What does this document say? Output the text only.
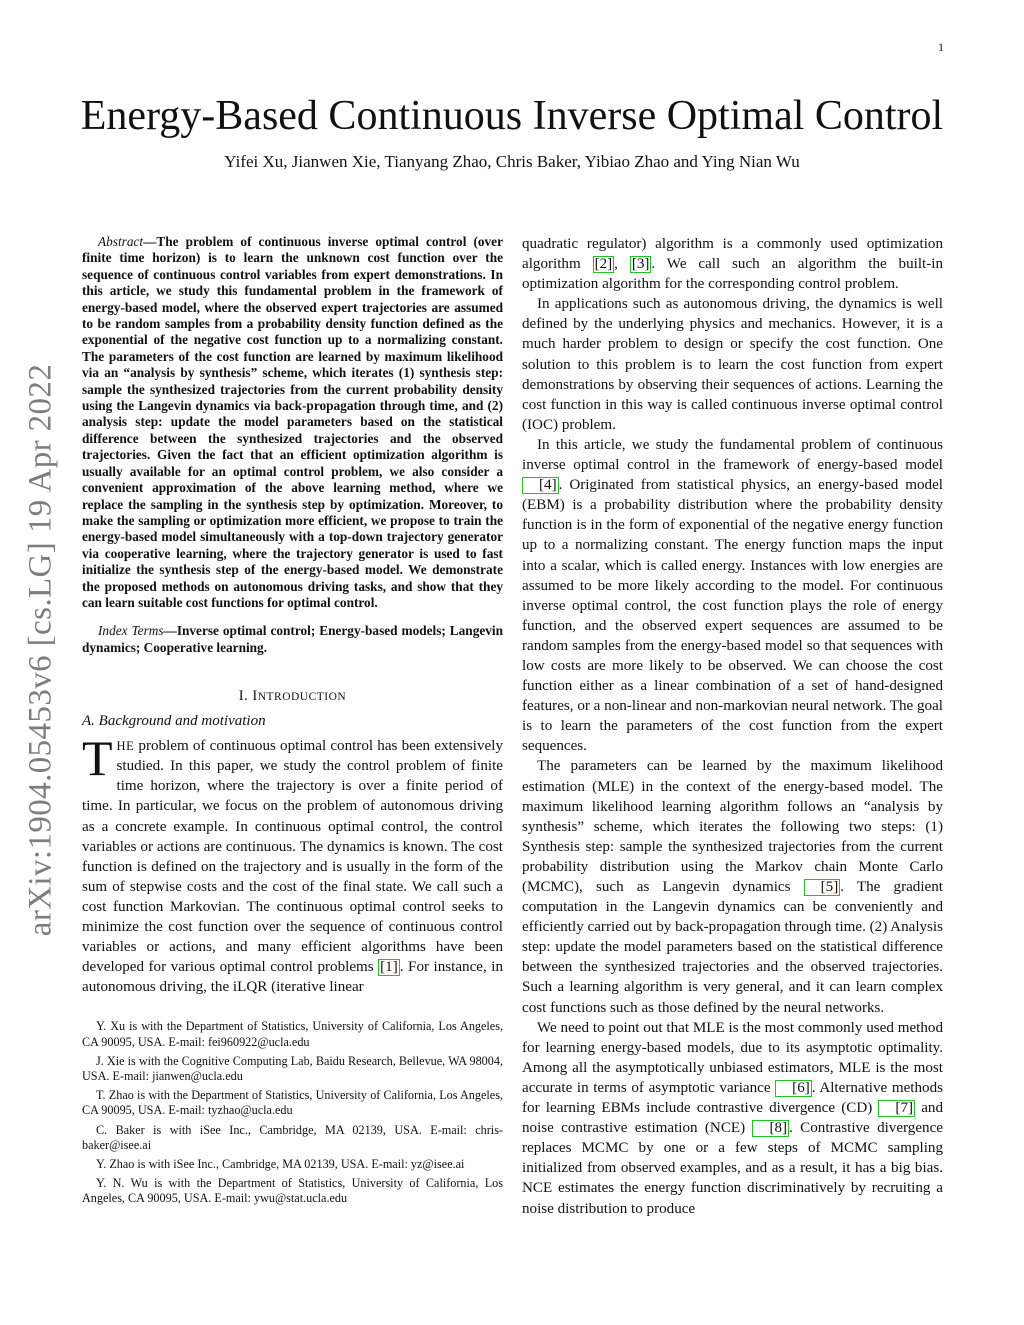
1
arXiv:1904.05453v6 [cs.LG] 19 Apr 2022
Energy-Based Continuous Inverse Optimal Control
Yifei Xu, Jianwen Xie, Tianyang Zhao, Chris Baker, Yibiao Zhao and Ying Nian Wu

Abstract—The problem of continuous inverse optimal control (over finite time horizon) is to learn the unknown cost function over the sequence of continuous control variables from expert demonstrations. In this article, we study this fundamental problem in the framework of energy-based model, where the observed expert trajectories are assumed to be random samples from a probability density function defined as the exponential of the negative cost function up to a normalizing constant. The parameters of the cost function are learned by maximum likelihood via an “analysis by synthesis” scheme, which iterates (1) synthesis step: sample the synthesized trajectories from the current probability density using the Langevin dynamics via back-propagation through time, and (2) analysis step: update the model parameters based on the statistical difference between the synthesized trajectories and the observed trajectories. Given the fact that an efficient optimization algorithm is usually available for an optimal control problem, we also consider a convenient approximation of the above learning method, where we replace the sampling in the synthesis step by optimization. Moreover, to make the sampling or optimization more efficient, we propose to train the energy-based model simultaneously with a top-down trajectory generator via cooperative learning, where the trajectory generator is used to fast initialize the synthesis step of the energy-based model. We demonstrate the proposed methods on autonomous driving tasks, and show that they can learn suitable cost functions for optimal control.

Index Terms—Inverse optimal control; Energy-based models; Langevin dynamics; Cooperative learning.

I. INTRODUCTION
A. Background and motivation

THE problem of continuous optimal control has been extensively studied. In this paper, we study the control problem of finite time horizon, where the trajectory is over a finite period of time. In particular, we focus on the problem of autonomous driving as a concrete example. In continuous optimal control, the control variables or actions are continuous. The dynamics is known. The cost function is defined on the trajectory and is usually in the form of the sum of stepwise costs and the cost of the final state. We call such a cost function Markovian. The continuous optimal control seeks to minimize the cost function over the sequence of continuous control variables or actions, and many efficient algorithms have been developed for various optimal control problems [1] . For instance, in autonomous driving, the iLQR (iterative linear

Y. Xu is with the Department of Statistics, University of California, Los Angeles, CA 90095, USA. E-mail: fei960922@ucla.edu

J. Xie is with the Cognitive Computing Lab, Baidu Research, Bellevue, WA 98004, USA. E-mail: jianwen@ucla.edu

T. Zhao is with the Department of Statistics, University of California, Los Angeles, CA 90095, USA. E-mail: tyzhao@ucla.edu

C. Baker is with iSee Inc., Cambridge, MA 02139, USA. E-mail: chris-baker@isee.ai

Y. Zhao is with iSee Inc., Cambridge, MA 02139, USA. E-mail: yz@isee.ai

Y. N. Wu is with the Department of Statistics, University of California, Los Angeles, CA 90095, USA. E-mail: ywu@stat.ucla.edu

quadratic regulator) algorithm is a commonly used optimization algorithm [2] , [3] . We call such an algorithm the built-in optimization algorithm for the corresponding control problem.

In applications such as autonomous driving, the dynamics is well defined by the underlying physics and mechanics. However, it is a much harder problem to design or specify the cost function. One solution to this problem is to learn the cost function from expert demonstrations by observing their sequences of actions. Learning the cost function in this way is called continuous inverse optimal control (IOC) problem.

In this article, we study the fundamental problem of continuous inverse optimal control in the framework of energy-based model [4] . Originated from statistical physics, an energy-based model (EBM) is a probability distribution where the probability density function is in the form of exponential of the negative energy function up to a normalizing constant. The energy function maps the input into a scalar, which is called energy. Instances with low energies are assumed to be more likely according to the model. For continuous inverse optimal control, the cost function plays the role of energy function, and the observed expert sequences are assumed to be random samples from the energy-based model so that sequences with low costs are more likely to be observed. We can choose the cost function either as a linear combination of a set of hand-designed features, or a non-linear and non-markovian neural network. The goal is to learn the parameters of the cost function from the expert sequences.

The parameters can be learned by the maximum likelihood estimation (MLE) in the context of the energy-based model. The maximum likelihood learning algorithm follows an “analysis by synthesis” scheme, which iterates the following two steps: (1) Synthesis step: sample the synthesized trajectories from the current probability distribution using the Markov chain Monte Carlo (MCMC), such as Langevin dynamics [5] . The gradient computation in the Langevin dynamics can be conveniently and efficiently carried out by back-propagation through time. (2) Analysis step: update the model parameters based on the statistical difference between the synthesized trajectories and the observed trajectories. Such a learning algorithm is very general, and it can learn complex cost functions such as those defined by the neural networks.

We need to point out that MLE is the most commonly used method for learning energy-based models, due to its asymptotic optimality. Among all the asymptotically unbiased estimators, MLE is the most accurate in terms of asymptotic variance [6] . Alternative methods for learning EBMs include contrastive divergence (CD) [7] and noise contrastive estimation (NCE) [8] . Contrastive divergence replaces MCMC by one or a few steps of MCMC sampling initialized from observed examples, and as a result, it has a big bias. NCE estimates the energy function discriminatively by recruiting a noise distribution to produce
